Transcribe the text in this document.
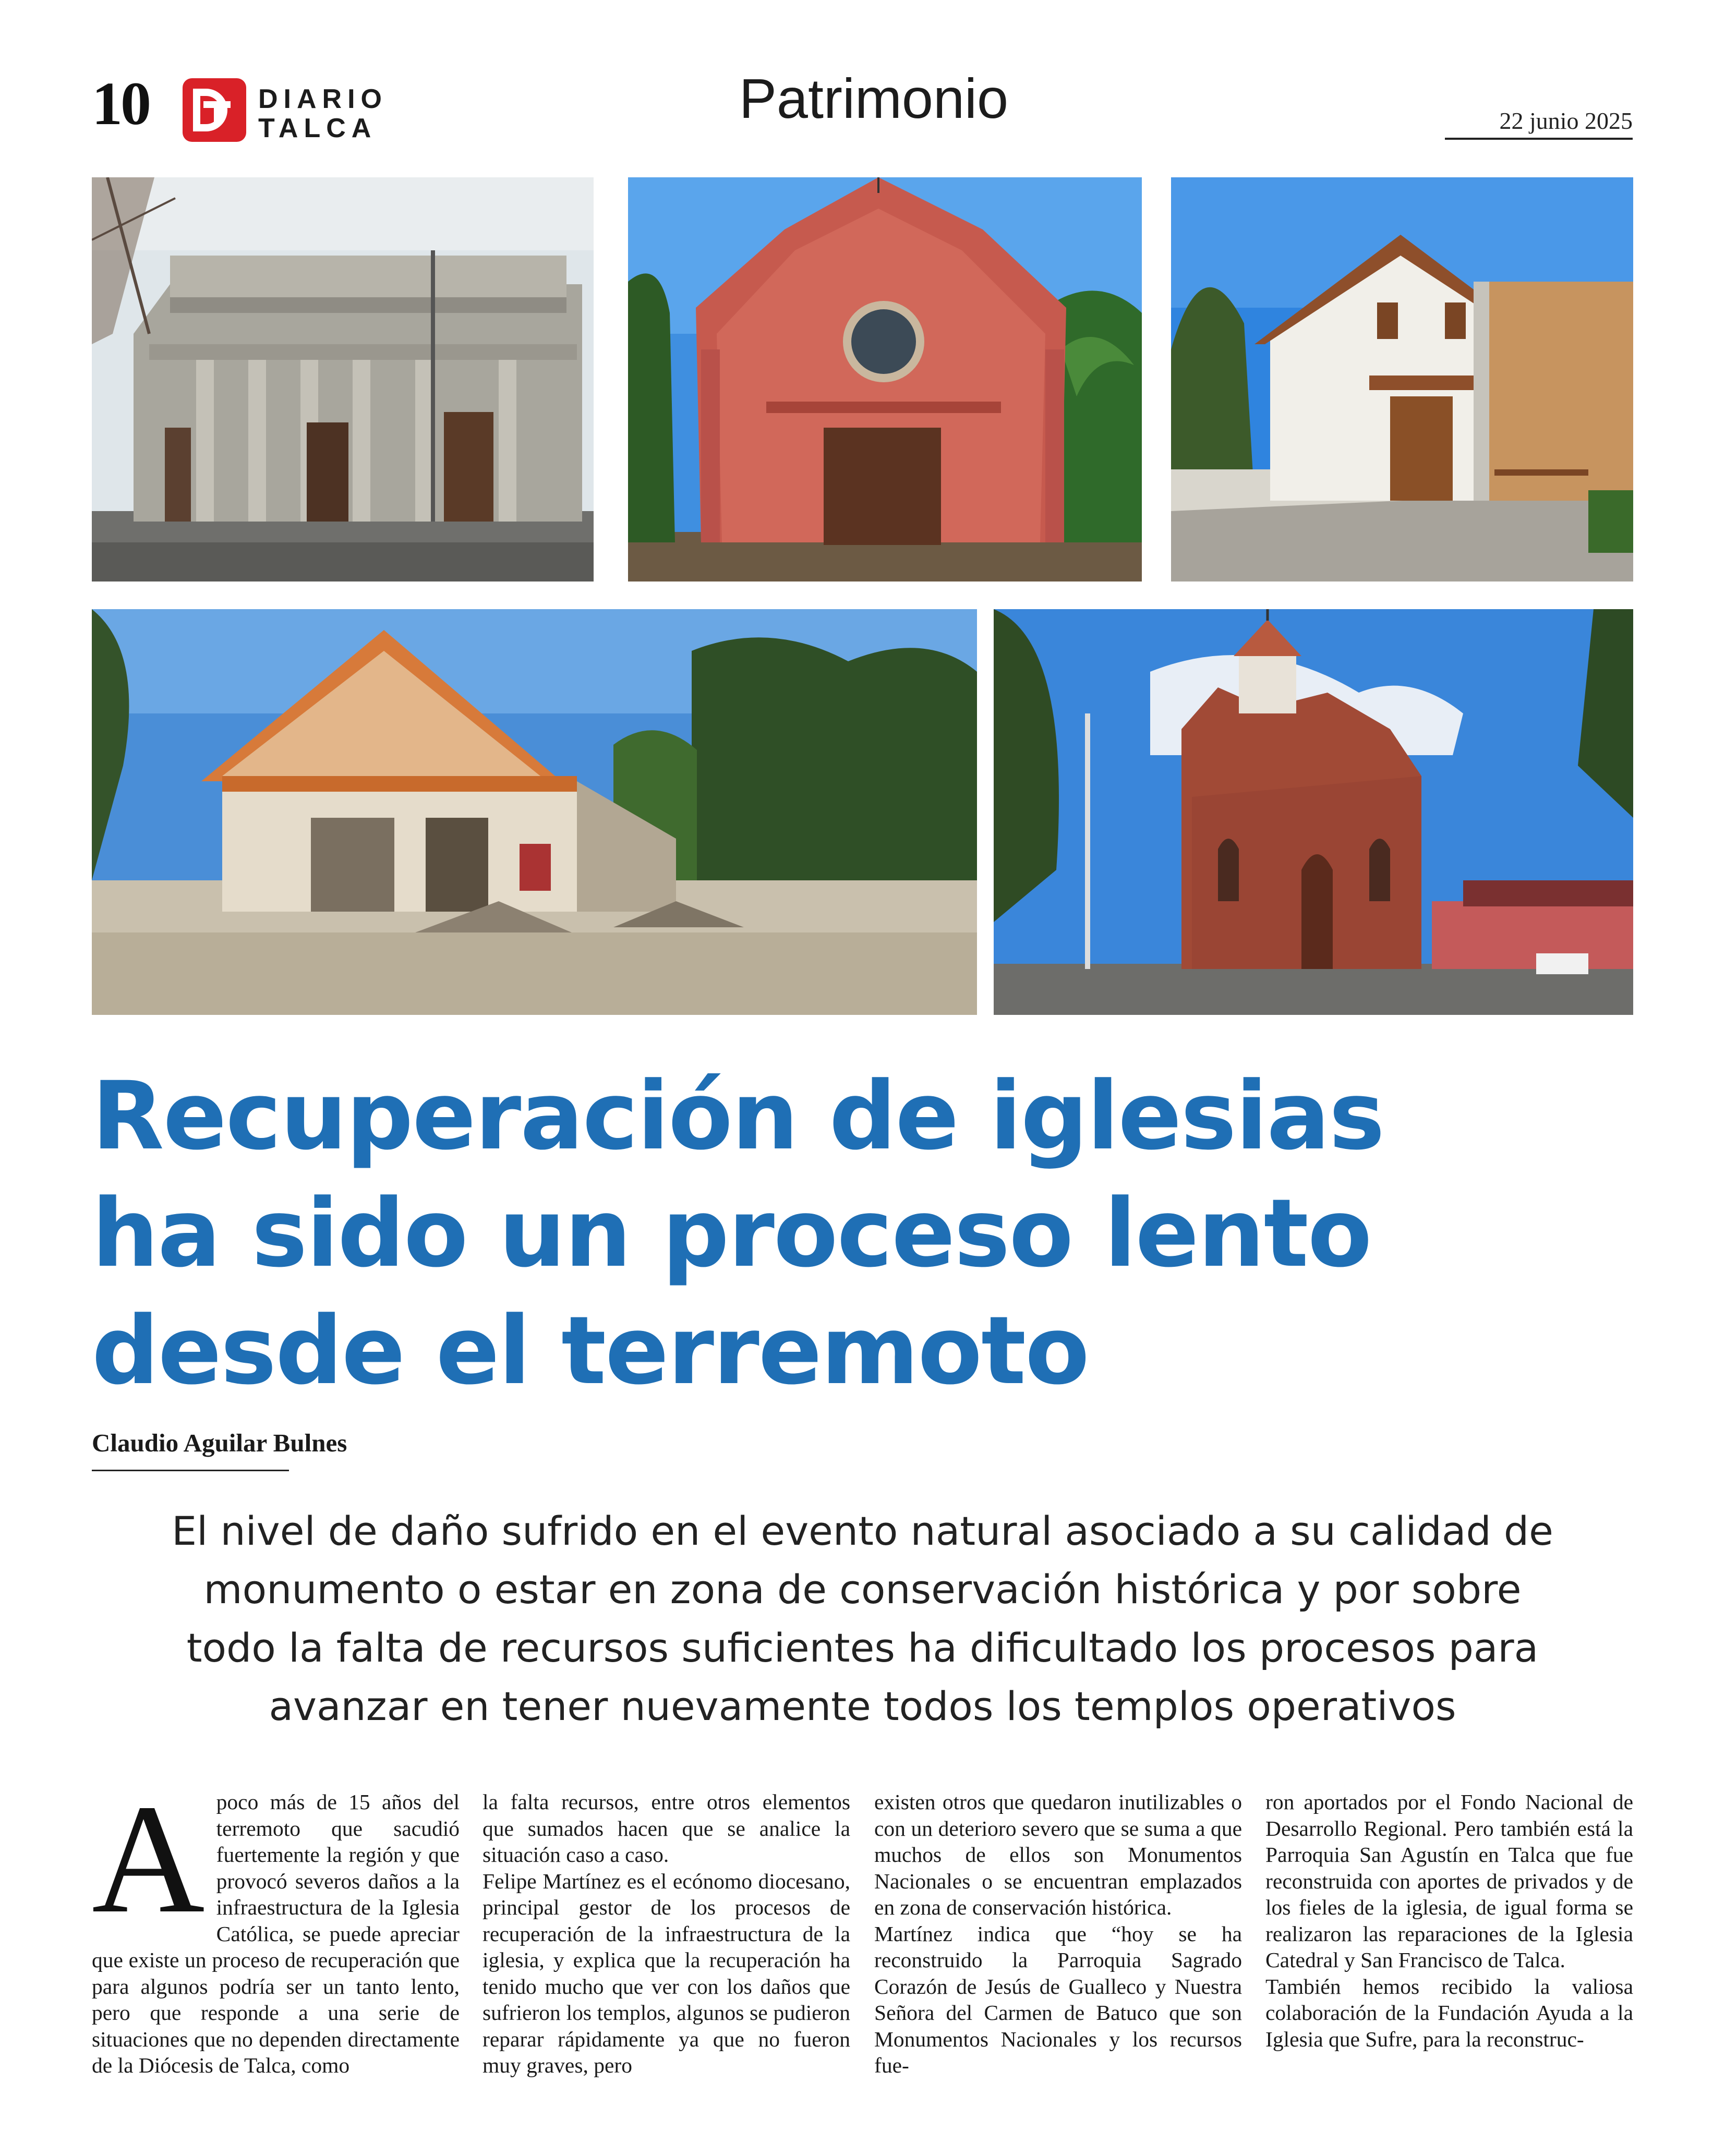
10	DIARIO
TALCA	Patrimonio	22 junio 2025
Recuperación de iglesias
ha sido un proceso lento
desde el terremoto
Claudio Aguilar Bulnes
El nivel de daño sufrido en el evento natural asociado a su calidad de
monumento o estar en zona de conservación histórica y por sobre
todo la falta de recursos suficientes ha dificultado los procesos para
avanzar en tener nuevamente todos los templos operativos

A poco más de 15 años del terremoto que sacudió fuertemente la región y que provocó severos daños a la infraestructura de la Iglesia Católica, se puede apreciar que existe un proceso de recuperación que para algunos podría ser un tanto lento, pero que responde a una serie de situaciones que no dependen directamente de la Diócesis de Talca, como

la falta recursos, entre otros elementos que sumados hacen que se analice la situación caso a caso.

Felipe Martínez es el ecónomo diocesano, principal gestor de los procesos de recuperación de la infraestructura de la iglesia, y explica que la recuperación ha tenido mucho que ver con los daños que sufrieron los templos, algunos se pudieron reparar rápidamente ya que no fueron muy graves, pero

existen otros que quedaron inutilizables o con un deterioro severo que se suma a que muchos de ellos son Monumentos Nacionales o se encuentran emplazados en zona de conservación histórica.

Martínez indica que “hoy se ha reconstruido la Parroquia Sagrado Corazón de Jesús de Gualleco y Nuestra Señora del Carmen de Batuco que son Monumentos Nacionales y los recursos fue-

ron aportados por el Fondo Nacional de Desarrollo Regional. Pero también está la Parroquia San Agustín en Talca que fue reconstruida con aportes de privados y de los fieles de la iglesia, de igual forma se realizaron las reparaciones de la Iglesia Catedral y San Francisco de Talca.

También hemos recibido la valiosa colaboración de la Fundación Ayuda a la Iglesia que Sufre, para la reconstruc-
